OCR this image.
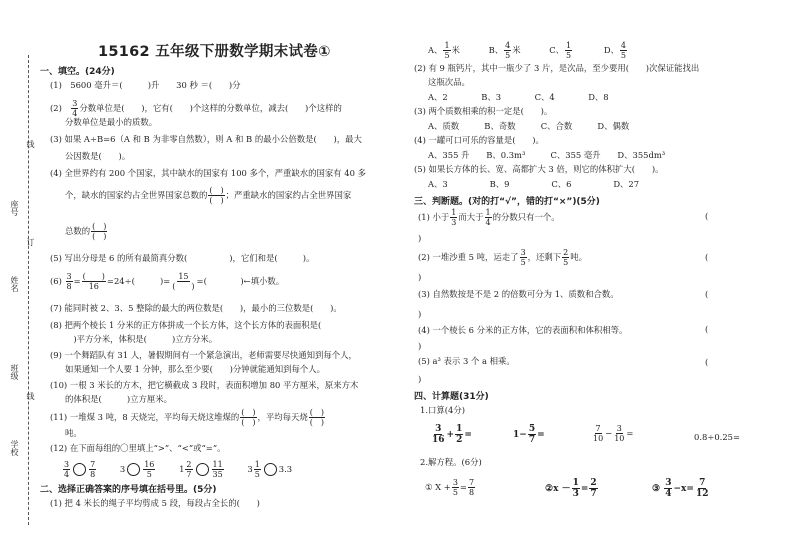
学校
班级
姓名
座号
线
订
线
15162 五年级下册数学期末试卷①
一、填空。(24分)
(1)　5600 毫升＝(　　　)升　　30 秒 ＝(　　)分
(2)　 $\frac{3}{4}$ 分数单位是(　　)，它有(　　)个这样的分数单位，减去(　　)个这样的
分数单位是最小的质数。
(3) 如果 A÷B=6（A 和 B 为非零自然数），则 A 和 B 的最小公倍数是(　　)，最大
公因数是(　　)。
(4) 全世界约有 200 个国家，其中缺水的国家有 100 多个，严重缺水的国家有 40 多
个，缺水的国家约占全世界国家总数的 $\frac{( )}{( )}$ ；严重缺水的国家约占全世界国家
总数的 $\frac{( )}{( )}$
(5) 写出分母是 6 的所有最简真分数(　　　　　)，它们和是(　　　)。
$(6) \frac{3}{8} = \frac{( )}{16} =24\div$(　　　)= $\frac{15}{( )}$ =(　　　　)←填小数。
(7) 能同时被 2、3、5 整除的最大的两位数是(　　)，最小的三位数是(　　)。
(8) 把两个棱长 1 分米的正方体拼成一个长方体，这个长方体的表面积是(
　)平方分米，体积是(　　　)立方分米。
(9) 一个舞蹈队有 31 人，暑假期间有一个紧急演出，老师需要尽快通知到每个人，
如果通知一个人要 1 分钟，那么至少要(　　)分钟就能通知到每个人。
(10) 一根 3 米长的方木，把它横截成 3 段时，表面积增加 80 平方厘米，原来方木
的体积是(　　　)立方厘米。
(11) 一堆煤 3 吨，8 天烧完，平均每天烧这堆煤的 $\frac{( )}{( )}$ ，平均每天烧 $\frac{( )}{( )}$
吨。
(12) 在下面每组的〇里填上“>”、“<”或“=”。
$\frac{3}{4} \frac{7}{8}$	$3 \frac{16}{5}$	$1 \frac{2}{7} \frac{11}{35}$	$3 \frac{1}{5} 3.3$
二、选择正确答案的序号填在括号里。(5分)
(1) 把 4 米长的绳子平均剪成 5 段，每段占全长的(　　)
A、 $\frac{1}{5}$ 米	B、 $\frac{4}{5}$ 米	C、 $\frac{1}{5}$	D、 $\frac{4}{5}$
(2) 有 9 瓶钙片，其中一瓶少了 3 片，是次品，至少要用(　　)次保证能找出
这瓶次品。
A、2　　　　B、3　　　　C、4　　　　D、8
(3) 两个质数相乘的积一定是(　　)。
A、质数　　　B、奇数　　　C、合数　　　D、偶数
(4) 一罐可口可乐的容量是(　　)。
A、355 升　　B、0.3m³　　　C、355 毫升　　D、355dm³
(5) 如果长方体的长、宽、高都扩大 3 倍，则它的体积扩大(　　)。
A、3　　　　　B、9　　　　　C、6　　　　　D、27
三、判断题。(对的打“√”，错的打“×”)(5分)
(1) 小于 $\frac{1}{3}$ 而大于 $\frac{1}{4}$ 的分数只有一个。	(
)
(2) 一堆沙重 5 吨，运走了 $\frac{3}{5}$ ，还剩下 $\frac{2}{5}$ 吨。	(
)
(3) 自然数按是不是 2 的倍数可分为 1、质数和合数。	(
)
(4) 一个棱长 6 分米的正方体，它的表面积和体积相等。	(
)
(5) a³ 表示 3 个 a 相乘。	(
)
四、计算题(31分)
1.口算(4分)
$\frac{3}{16} + \frac{1}{2}$ =	$1- \frac{5}{7}$ =	$\frac{7}{10} - \frac{3}{10}$ =	0.8÷0.25=
2.解方程。(6分)
① $X + \frac{3}{5} = \frac{7}{8}$	②x － $\frac{1}{3} = \frac{2}{7}$	③ $\frac{3}{4} -x= \frac{7}{12}$
